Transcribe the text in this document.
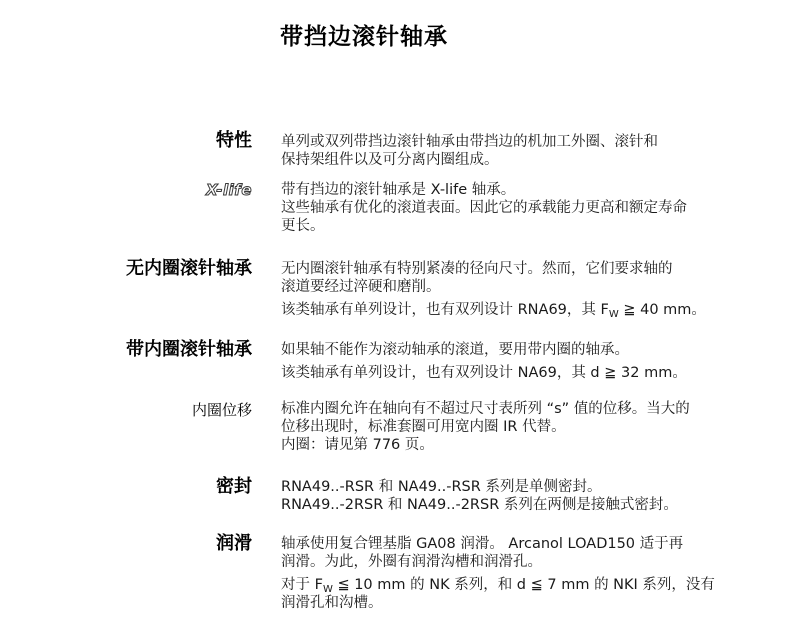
带挡边滚针轴承
特性 单列或双列带挡边滚针轴承由带挡边的机加工外圈、滚针和
保持架组件以及可分离内圈组成。

X-life 带有挡边的滚针轴承是 X-life 轴承。
这些轴承有优化的滚道表面。因此它的承载能力更高和额定寿命
更长。

无内圈滚针轴承 无内圈滚针轴承有特别紧凑的径向尺寸。然而，它们要求轴的
滚道要经过淬硬和磨削。

该类轴承有单列设计，也有双列设计 RNA69，其 $F_W$ ≧ 40 mm。

带内圈滚针轴承 如果轴不能作为滚动轴承的滚道，要用带内圈的轴承。

该类轴承有单列设计，也有双列设计 NA69，其 d ≧ 32 mm。

内圈位移 标准内圈允许在轴向有不超过尺寸表所列 “s” 值的位移。当大的
位移出现时，标准套圈可用宽内圈 IR 代替。
内圈：请见第 776 页。

密封 RNA49..-RSR 和 NA49..-RSR 系列是单侧密封。
RNA49..-2RSR 和 NA49..-2RSR 系列在两侧是接触式密封。

润滑 轴承使用复合锂基脂 GA08 润滑。 Arcanol LOAD150 适于再
润滑。为此，外圈有润滑沟槽和润滑孔。

对于 $F_W$ ≦ 10 mm 的 NK 系列，和 d ≦ 7 mm 的 NKI 系列，没有
润滑孔和沟槽。
